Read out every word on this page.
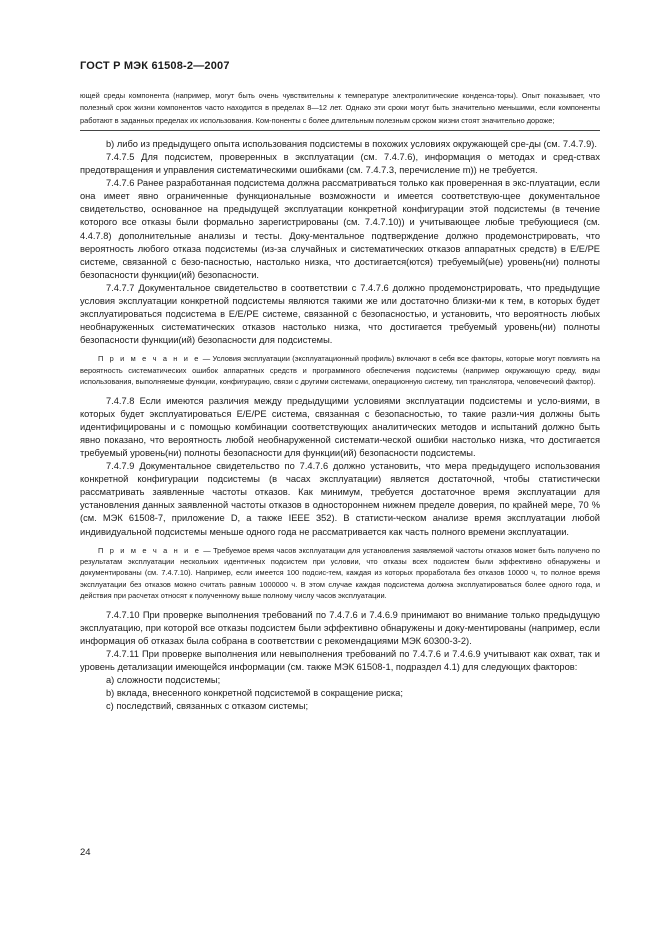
ГОСТ Р МЭК 61508-2—2007

ющей среды компонента (например, могут быть очень чувствительны к температуре электролитические конденса-торы). Опыт показывает, что полезный срок жизни компонентов часто находится в пределах 8—12 лет. Однако эти сроки могут быть значительно меньшими, если компоненты работают в заданных пределах их использования. Ком-поненты с более длительным полезным сроком жизни стоят значительно дороже;

b) либо из предыдущего опыта использования подсистемы в похожих условиях окружающей сре-ды (см. 7.4.7.9).

7.4.7.5 Для подсистем, проверенных в эксплуатации (см. 7.4.7.6), информация о методах и сред-ствах предотвращения и управления систематическими ошибками (см. 7.4.7.3, перечисление m)) не требуется.

7.4.7.6 Ранее разработанная подсистема должна рассматриваться только как проверенная в экс-плуатации, если она имеет явно ограниченные функциональные возможности и имеется соответствую-щее документальное свидетельство, основанное на предыдущей эксплуатации конкретной конфигурации этой подсистемы (в течение которого все отказы были формально зарегистрированы (см. 7.4.7.10)) и учитывающее любые требующиеся (см. 4.4.7.8) дополнительные анализы и тесты. Доку-ментальное подтверждение должно продемонстрировать, что вероятность любого отказа подсистемы (из-за случайных и систематических отказов аппаратных средств) в Е/Е/РЕ системе, связанной с безо-пасностью, настолько низка, что достигается(ются) требуемый(ые) уровень(ни) полноты безопасности функции(ий) безопасности.

7.4.7.7 Документальное свидетельство в соответствии с 7.4.7.6 должно продемонстрировать, что предыдущие условия эксплуатации конкретной подсистемы являются такими же или достаточно близки-ми к тем, в которых будет эксплуатироваться подсистема в Е/Е/РЕ системе, связанной с безопасностью, и установить, что вероятность любых необнаруженных систематических отказов настолько низка, что достигается требуемый уровень(ни) полноты безопасности функции(ий) безопасности для подсистемы.

П р и м е ч а н и е — Условия эксплуатации (эксплуатационный профиль) включают в себя все факторы, которые могут повлиять на вероятность систематических ошибок аппаратных средств и программного обеспечения подсистемы (например окружающую среду, виды использования, выполняемые функции, конфигурацию, связи с другими системами, операционную систему, тип транслятора, человеческий фактор).

7.4.7.8 Если имеются различия между предыдущими условиями эксплуатации подсистемы и усло-виями, в которых будет эксплуатироваться Е/Е/РЕ система, связанная с безопасностью, то такие разли-чия должны быть идентифицированы и с помощью комбинации соответствующих аналитических методов и испытаний должно быть явно показано, что вероятность любой необнаруженной системати-ческой ошибки настолько низка, что достигается требуемый уровень(ни) полноты безопасности для функции(ий) безопасности подсистемы.

7.4.7.9 Документальное свидетельство по 7.4.7.6 должно установить, что мера предыдущего использования конкретной конфигурации подсистемы (в часах эксплуатации) является достаточной, чтобы статистически рассматривать заявленные частоты отказов. Как минимум, требуется достаточное время эксплуатации для установления данных заявленной частоты отказов в одностороннем нижнем пределе доверия, по крайней мере, 70 % (см. МЭК 61508-7, приложение D, а также IEEE 352). В статисти-ческом анализе время эксплуатации любой индивидуальной подсистемы меньше одного года не рассматривается как часть полного времени эксплуатации.

П р и м е ч а н и е — Требуемое время часов эксплуатации для установления заявляемой частоты отказов может быть получено по результатам эксплуатации нескольких идентичных подсистем при условии, что отказы всех подсистем были эффективно обнаружены и документированы (см. 7.4.7.10). Например, если имеется 100 подсис-тем, каждая из которых проработала без отказов 10000 ч, то полное время эксплуатации без отказов можно считать равным 1000000 ч. В этом случае каждая подсистема должна эксплуатироваться более одного года, и действия при расчетах относят к полученному выше полному числу часов эксплуатации.

7.4.7.10 При проверке выполнения требований по 7.4.7.6 и 7.4.6.9 принимают во внимание только предыдущую эксплуатацию, при которой все отказы подсистем были эффективно обнаружены и доку-ментированы (например, если информация об отказах была собрана в соответствии с рекомендациями МЭК 60300-3-2).

7.4.7.11 При проверке выполнения или невыполнения требований по 7.4.7.6 и 7.4.6.9 учитывают как охват, так и уровень детализации имеющейся информации (см. также МЭК 61508-1, подраздел 4.1) для следующих факторов:

a) сложности подсистемы;

b) вклада, внесенного конкретной подсистемой в сокращение риска;

c) последствий, связанных с отказом системы;

24
